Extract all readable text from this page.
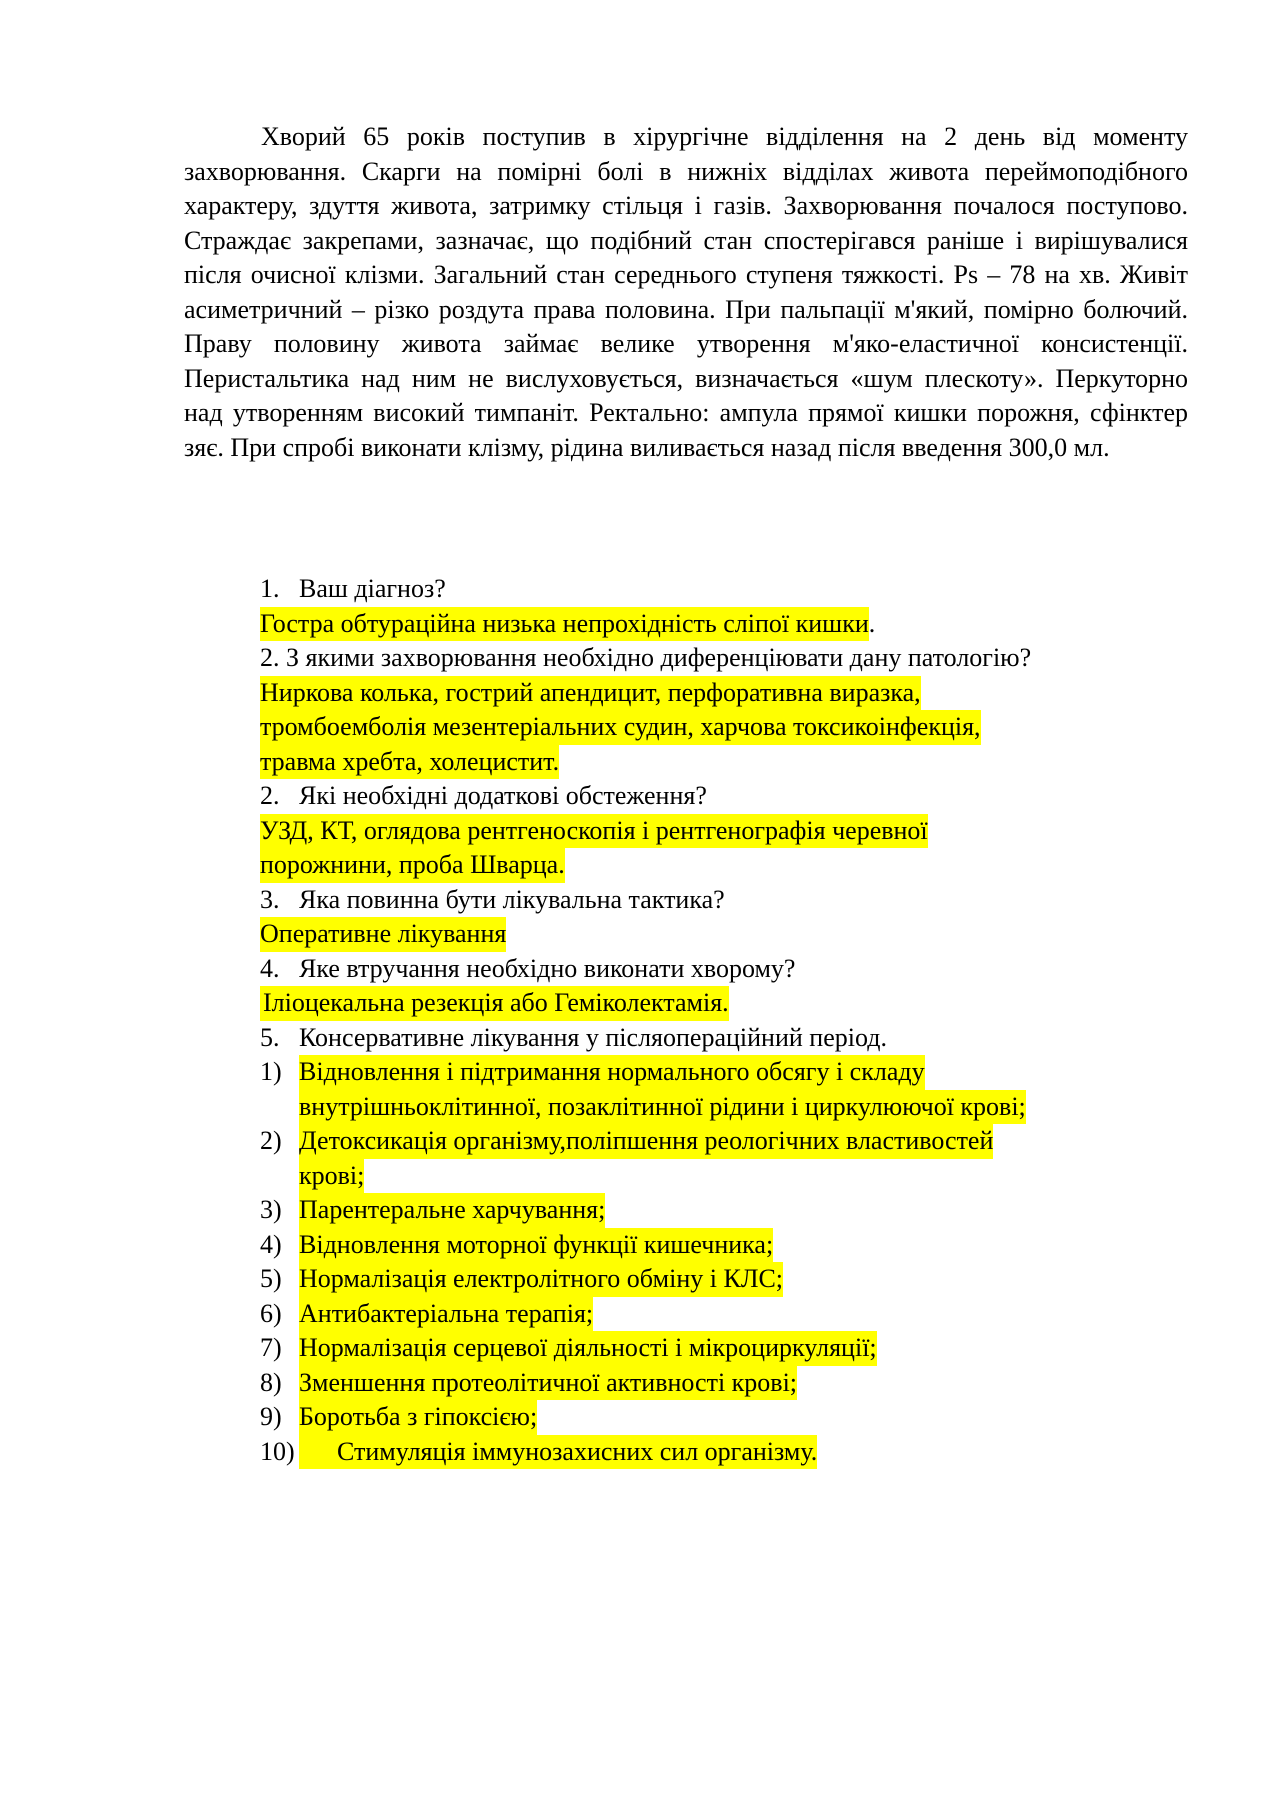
Хворий 65 років поступив в хірургічне відділення на 2 день від моменту захворювання. Скарги на помірні болі в нижніх відділах живота переймоподібного характеру, здуття живота, затримку стільця і газів. Захворювання почалося поступово. Страждає закрепами, зазначає, що подібний стан спостерігався раніше і вирішувалися після очисної клізми. Загальний стан середнього ступеня тяжкості. Ps – 78 на хв. Живіт асиметричний – різко роздута права половина. При пальпації м'який, помірно болючий. Праву половину живота займає велике утворення м'яко-еластичної консистенції. Перистальтика над ним не вислуховується, визначається «шум плескоту». Перкуторно над утворенням високий тимпаніт. Ректально: ампула прямої кишки порожня, сфінктер зяє. При спробі виконати клізму, рідина виливається назад після введення 300,0 мл.

1. Ваш діагноз?
Гостра обтураційна низька непрохідність сліпої кишки .
2. З якими захворювання необхідно диференціювати дану патологію?
Ниркова колька, гострий апендицит, перфоративна виразка,
тромбоемболія мезентеріальних судин, харчова токсикоінфекція,
травма хребта, холецистит.
2. Які необхідні додаткові обстеження?
УЗД, КТ, оглядова рентгеноскопія і рентгенографія черевної
порожнини, проба Шварца.
3. Яка повинна бути лікувальна тактика?
Оперативне лікування
4. Яке втручання необхідно виконати хворому?
Іліоцекальна резекція або Геміколектамія.
5. Консервативне лікування у післяопераційний період.
1) Відновлення і підтримання нормального обсягу і складу
внутрішньоклітинної, позаклітинної рідини і циркулюючої крові;
2) Детоксикація організму,поліпшення реологічних властивостей
крові;
3) Парентеральне харчування;
4) Відновлення моторної функції кишечника;
5) Нормалізація електролітного обміну і КЛС;
6) Антибактеріальна терапія;
7) Нормалізація серцевої діяльності і мікроциркуляції;
8) Зменшення протеолітичної активності крові;
9) Боротьба з гіпоксією;
10)	Стимуляція іммунозахисних сил організму.
